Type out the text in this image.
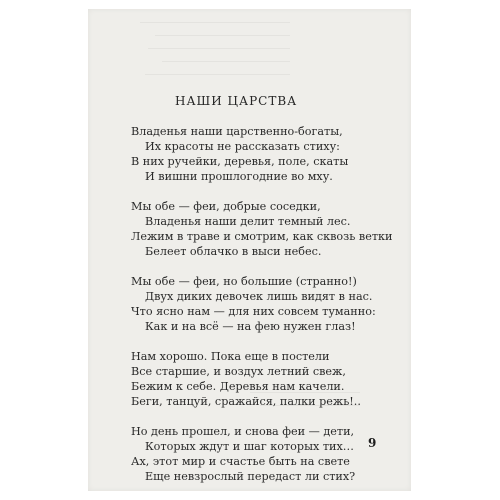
НАШИ ЦАРСТВА
Владенья наши царственно-богаты,
Их красоты не рассказать стиху:
В них ручейки, деревья, поле, скаты
И вишни прошлогодние во мху.
Мы обе — феи, добрые соседки,
Владенья наши делит темный лес.
Лежим в траве и смотрим, как сквозь ветки
Белеет облачко в выси небес.
Мы обе — феи, но большие (странно!)
Двух диких девочек лишь видят в нас.
Что ясно нам — для них совсем туманно:
Как и на всё — на фею нужен глаз!
Нам хорошо. Пока еще в постели
Все старшие, и воздух летний свеж,
Бежим к себе. Деревья нам качели.
Беги, танцуй, сражайся, палки режь!..
Но день прошел, и снова феи — дети,
Которых ждут и шаг которых тих…
Ах, этот мир и счастье быть на свете
Еще невзрослый передаст ли стих?
9
